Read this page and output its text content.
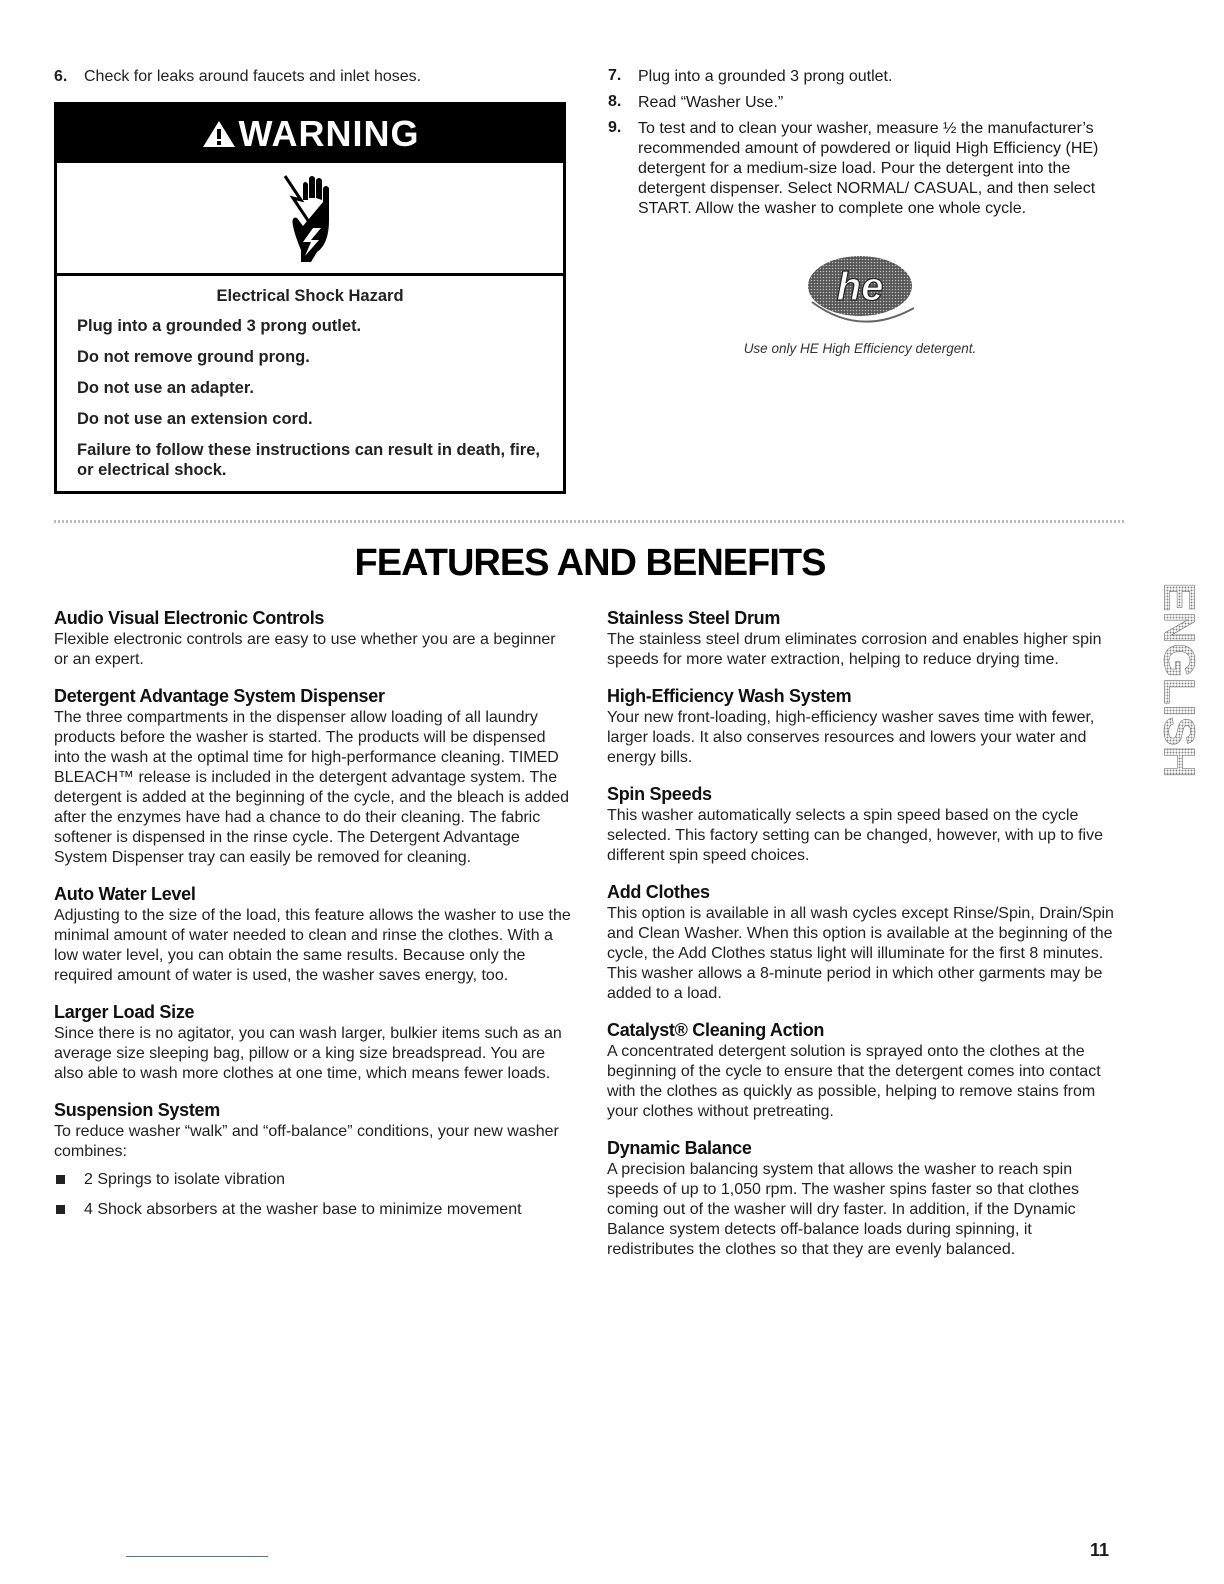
6. Check for leaks around faucets and inlet hoses.
WARNING
Electrical Shock Hazard

Plug into a grounded 3 prong outlet.

Do not remove ground prong.

Do not use an adapter.

Do not use an extension cord.

Failure to follow these instructions can result in death, fire, or electrical shock.

7.	Plug into a grounded 3 prong outlet.
8.	Read “Washer Use.”
9.	To test and to clean your washer, measure ½ the manufacturer’s recommended amount of powdered or liquid High Efficiency (HE) detergent for a medium-size load. Pour the detergent into the detergent dispenser. Select NORMAL/ CASUAL, and then select START. Allow the washer to complete one whole cycle.
he
Use only HE High Efficiency detergent.
FEATURES AND BENEFITS
Audio Visual Electronic Controls

Flexible electronic controls are easy to use whether you are a beginner or an expert.

Detergent Advantage System Dispenser

The three compartments in the dispenser allow loading of all laundry products before the washer is started. The products will be dispensed into the wash at the optimal time for high-performance cleaning. TIMED BLEACH™ release is included in the detergent advantage system. The detergent is added at the beginning of the cycle, and the bleach is added after the enzymes have had a chance to do their cleaning. The fabric softener is dispensed in the rinse cycle. The Detergent Advantage System Dispenser tray can easily be removed for cleaning.

Auto Water Level

Adjusting to the size of the load, this feature allows the washer to use the minimal amount of water needed to clean and rinse the clothes. With a low water level, you can obtain the same results. Because only the required amount of water is used, the washer saves energy, too.

Larger Load Size

Since there is no agitator, you can wash larger, bulkier items such as an average size sleeping bag, pillow or a king size breadspread. You are also able to wash more clothes at one time, which means fewer loads.

Suspension System

To reduce washer “walk” and “off-balance” conditions, your new washer combines:

2 Springs to isolate vibration
4 Shock absorbers at the washer base to minimize movement
Stainless Steel Drum

The stainless steel drum eliminates corrosion and enables higher spin speeds for more water extraction, helping to reduce drying time.

High-Efficiency Wash System

Your new front-loading, high-efficiency washer saves time with fewer, larger loads. It also conserves resources and lowers your water and energy bills.

Spin Speeds

This washer automatically selects a spin speed based on the cycle selected. This factory setting can be changed, however, with up to five different spin speed choices.

Add Clothes

This option is available in all wash cycles except Rinse/Spin, Drain/Spin and Clean Washer. When this option is available at the beginning of the cycle, the Add Clothes status light will illuminate for the first 8 minutes. This washer allows a 8-minute period in which other garments may be added to a load.

Catalyst® Cleaning Action

A concentrated detergent solution is sprayed onto the clothes at the beginning of the cycle to ensure that the detergent comes into contact with the clothes as quickly as possible, helping to remove stains from your clothes without pretreating.

Dynamic Balance

A precision balancing system that allows the washer to reach spin speeds of up to 1,050 rpm. The washer spins faster so that clothes coming out of the washer will dry faster. In addition, if the Dynamic Balance system detects off-balance loads during spinning, it redistributes the clothes so that they are evenly balanced.

ENGLISH
11
